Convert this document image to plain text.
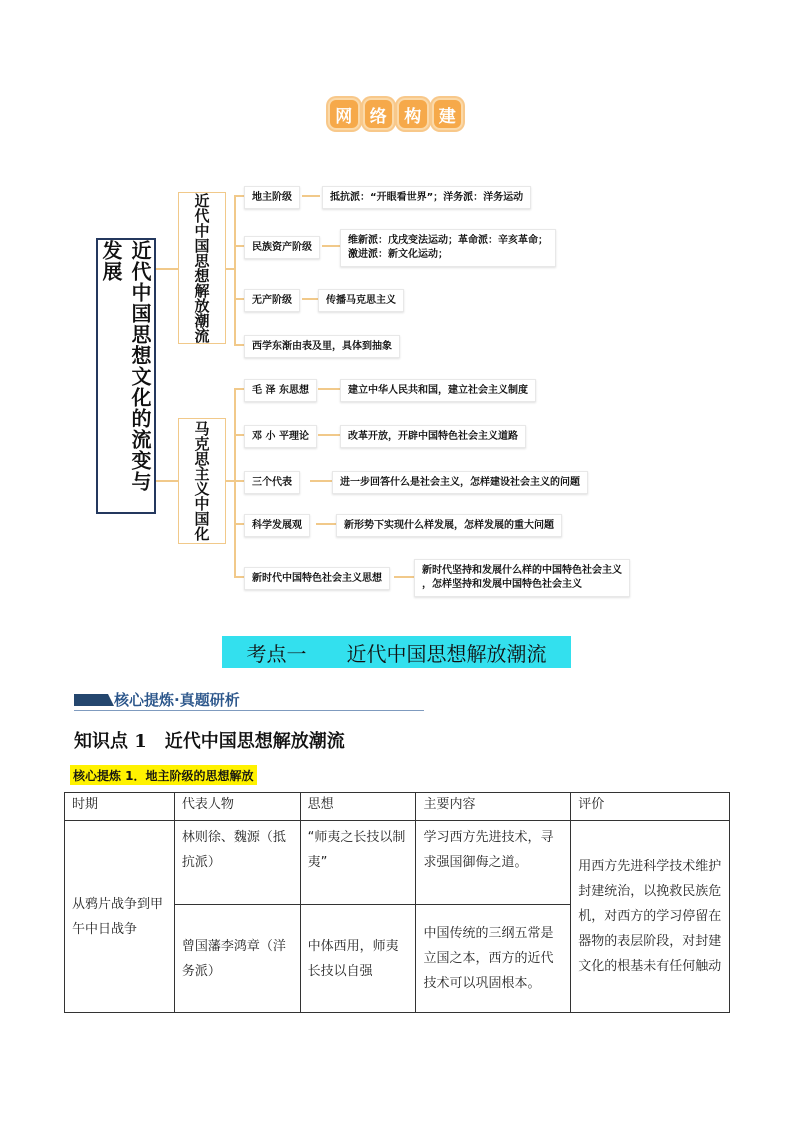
网	络	构	建
近代中国思想文化的流变与发展	近代中国思想解放潮流
马克思主义中国化
地主阶级	抵抗派：“开眼看世界”；洋务派：洋务运动
民族资产阶级
维新派：戊戌变法运动；革命派：辛亥革命；
激进派：新文化运动；
无产阶级	传播马克思主义
西学东渐由表及里，具体到抽象
毛 泽 东思想	建立中华人民共和国，建立社会主义制度
邓 小 平理论	改革开放，开辟中国特色社会主义道路
三个代表	进一步回答什么是社会主义，怎样建设社会主义的问题
科学发展观	新形势下实现什么样发展，怎样发展的重大问题
新时代中国特色社会主义思想
新时代坚持和发展什么样的中国特色社会主义
，怎样坚持和发展中国特色社会主义
考点一　　近代中国思想解放潮流
核心提炼·真题研析
知识点 1　近代中国思想解放潮流
核心提炼 1．地主阶级的思想解放
时期	代表人物	思想	主要内容	评价
从鸦片战争到甲午中日战争	林则徐、魏源（抵抗派）	“师夷之长技以制夷”	学习西方先进技术，寻求强国御侮之道。	用西方先进科学技术维护封建统治，以挽救民族危机，对西方的学习停留在器物的表层阶段，对封建文化的根基未有任何触动
	曾国藩李鸿章（洋务派）	中体西用，师夷长技以自强	中国传统的三纲五常是立国之本，西方的近代技术可以巩固根本。	
